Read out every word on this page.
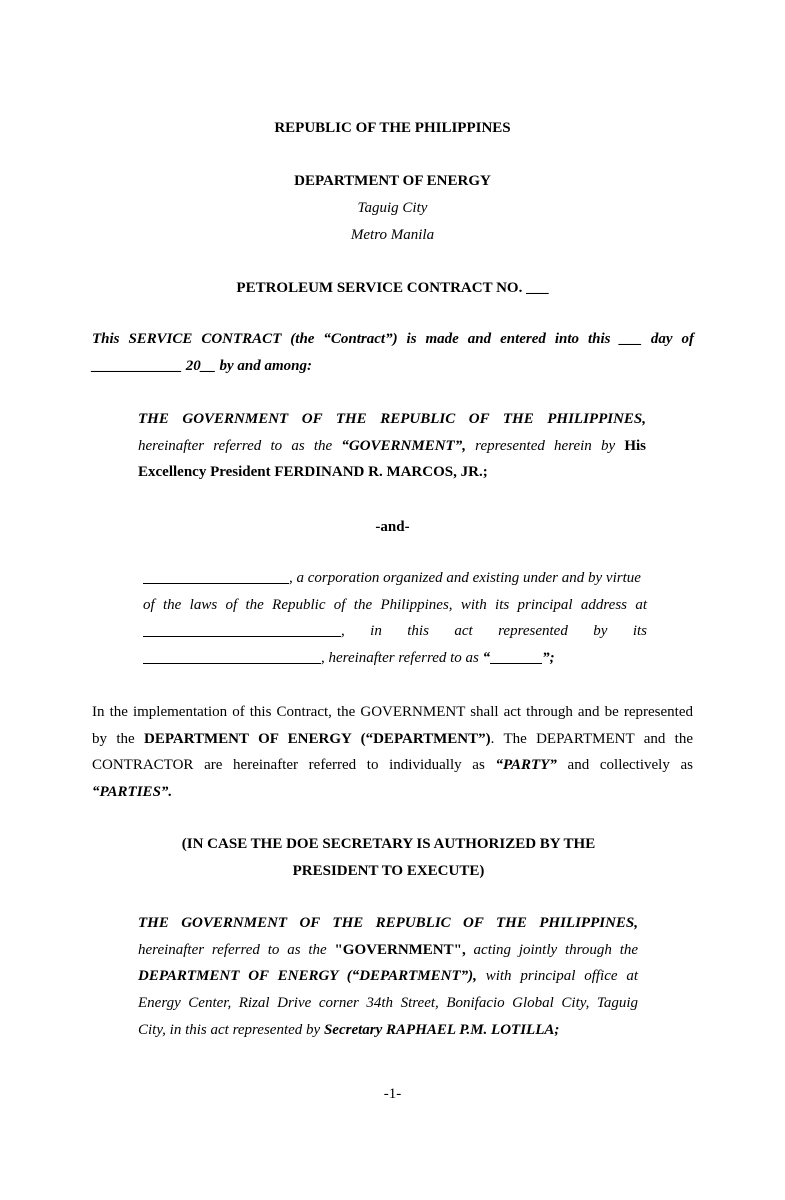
REPUBLIC OF THE PHILIPPINES
DEPARTMENT OF ENERGY
Taguig City
Metro Manila
PETROLEUM SERVICE CONTRACT NO. ___
This SERVICE CONTRACT (the “Contract”) is made and entered into this ___ day of
____________ 20__ by and among:
THE GOVERNMENT OF THE REPUBLIC OF THE PHILIPPINES,
hereinafter referred to as the “GOVERNMENT”, represented herein by His
Excellency President FERDINAND R. MARCOS, JR.;
-and-
, a corporation organized and existing under and by virtue
of the laws of the Republic of the Philippines, with its principal address at
, in this act represented by its
, hereinafter referred to as “	”;
In the implementation of this Contract, the GOVERNMENT shall act through and be represented
by the DEPARTMENT OF ENERGY (“DEPARTMENT”). The DEPARTMENT and the
CONTRACTOR are hereinafter referred to individually as “PARTY” and collectively as
“PARTIES”.
(IN CASE THE DOE SECRETARY IS AUTHORIZED BY THE
PRESIDENT TO EXECUTE)
THE GOVERNMENT OF THE REPUBLIC OF THE PHILIPPINES,
hereinafter referred to as the "GOVERNMENT", acting jointly through the
DEPARTMENT OF ENERGY (“DEPARTMENT”), with principal office at
Energy Center, Rizal Drive corner 34th Street, Bonifacio Global City, Taguig
City, in this act represented by Secretary RAPHAEL P.M. LOTILLA;
-1-
